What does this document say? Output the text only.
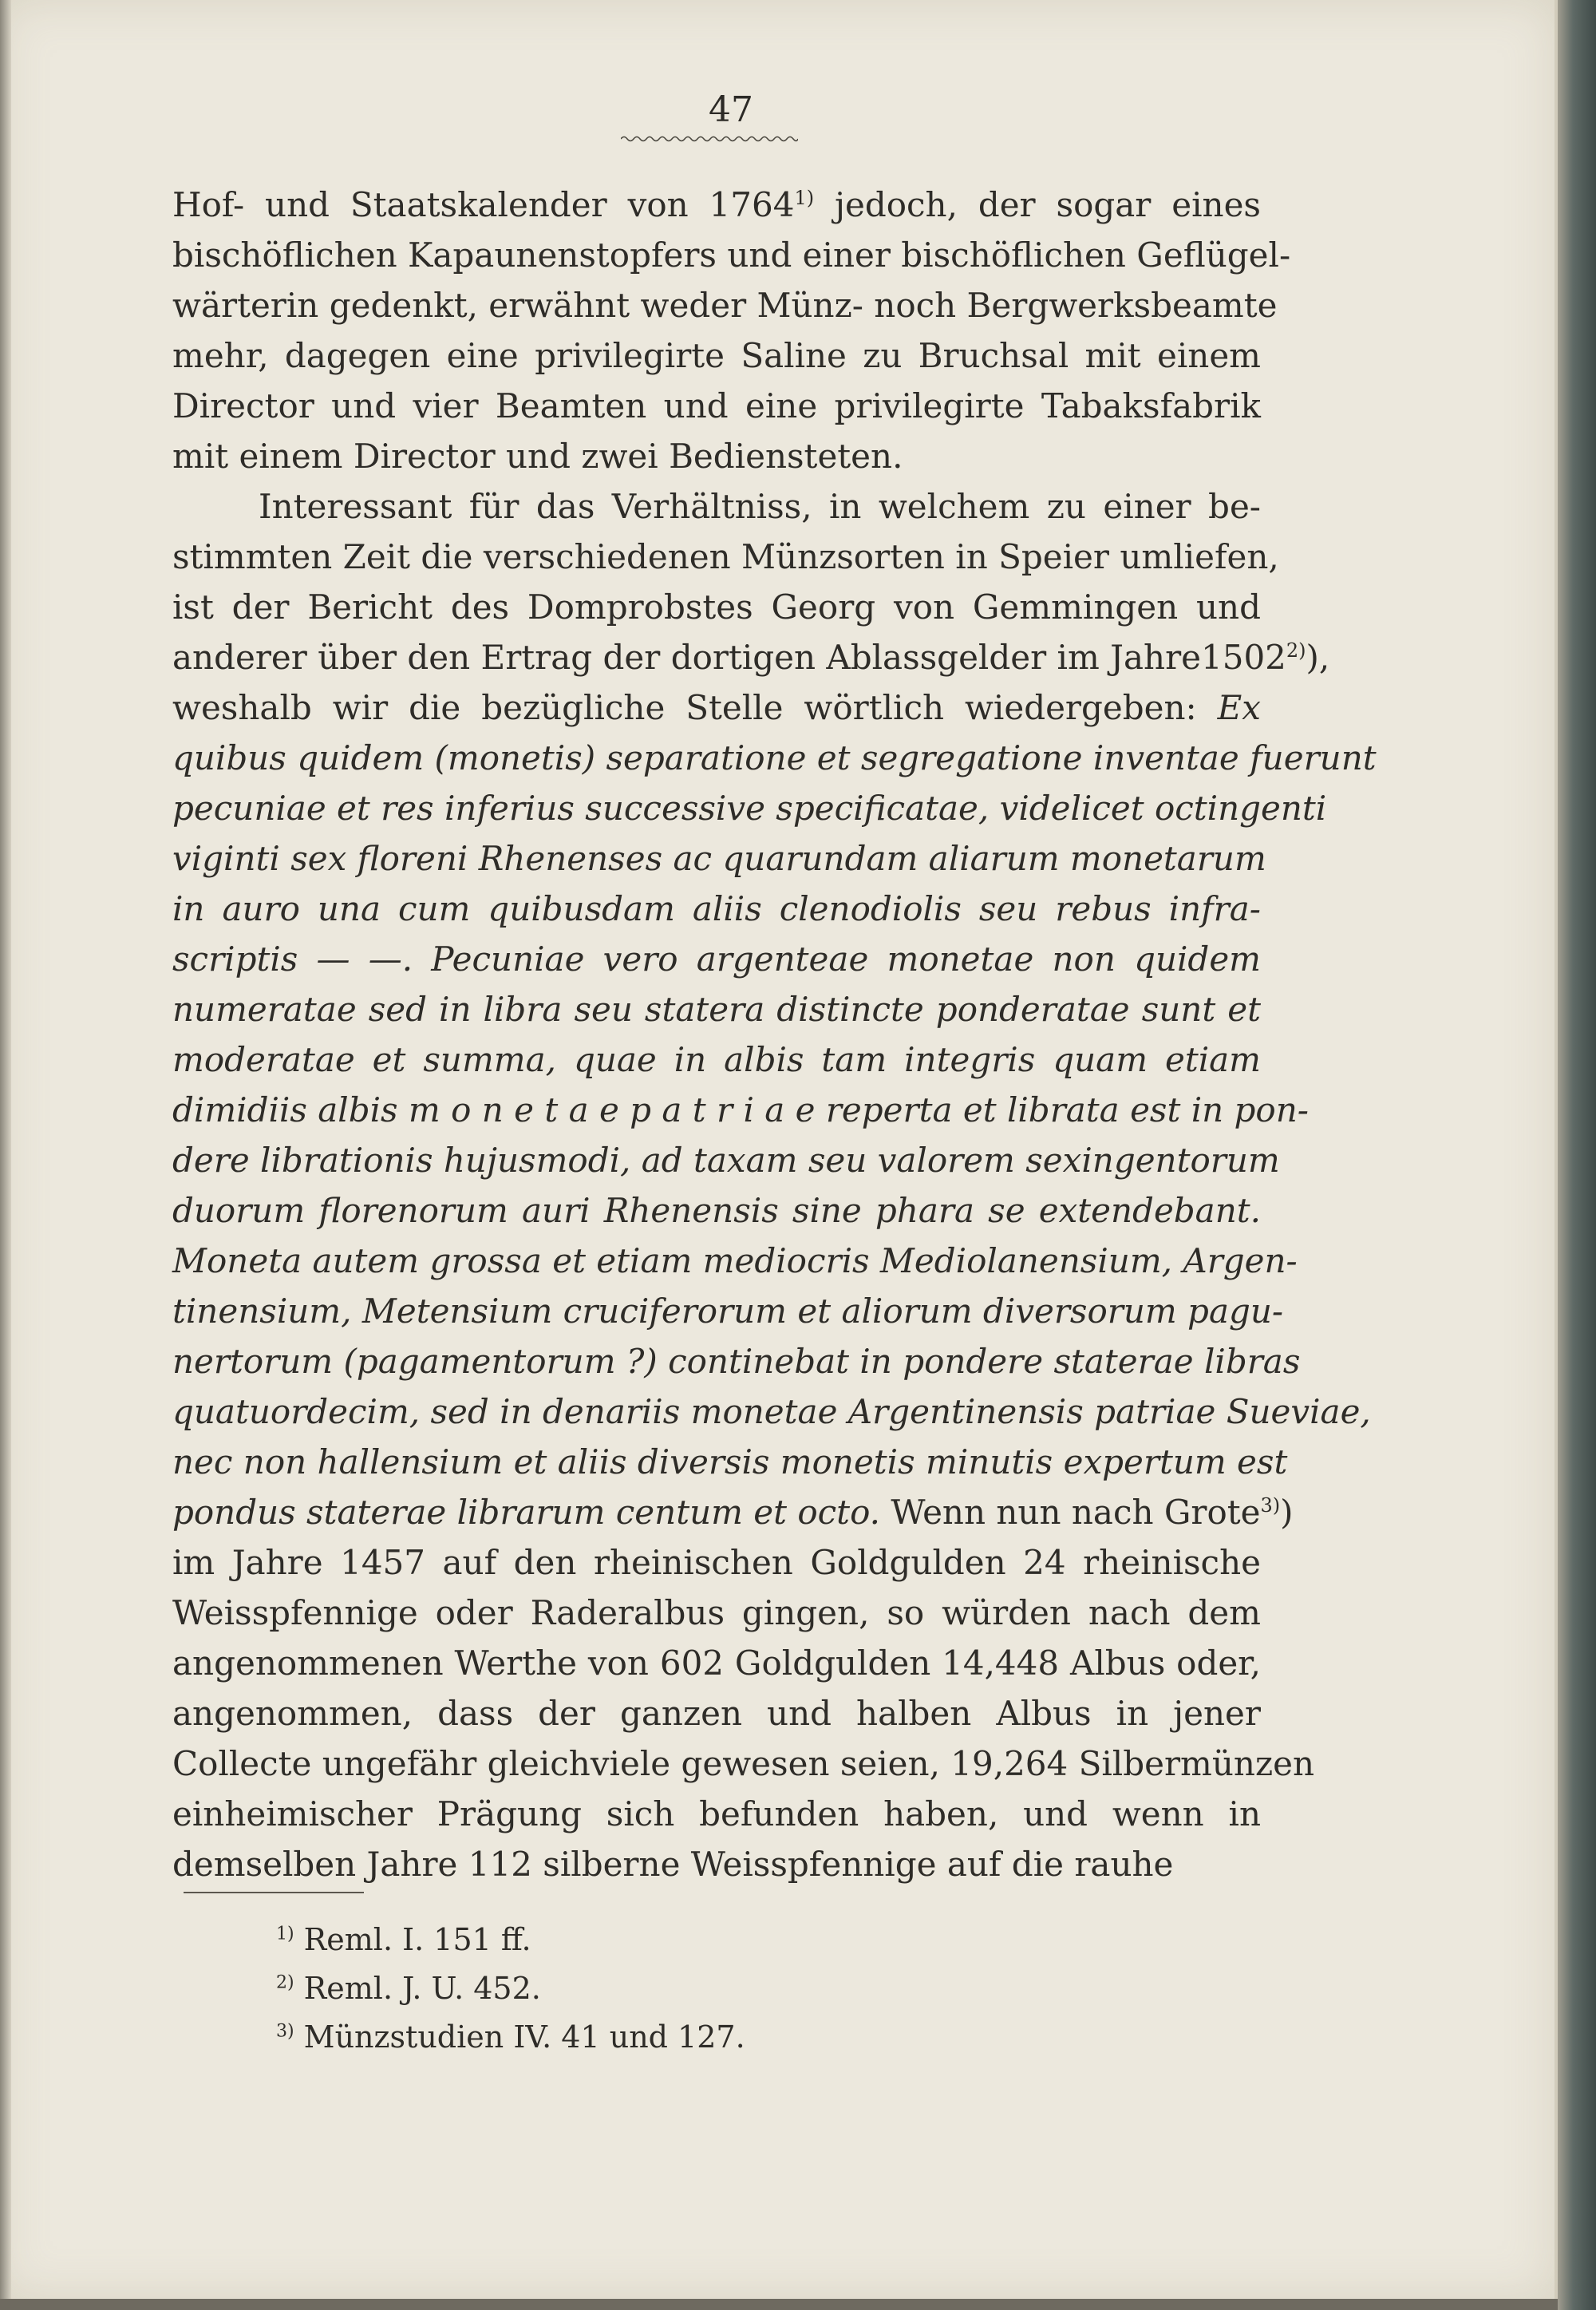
47
Hof- und Staatskalender von 1764$^{1)}$ jedoch, der sogar eines
bischöflichen Kapaunenstopfers und einer bischöflichen Geflügel-
wärterin gedenkt, erwähnt weder Münz- noch Bergwerksbeamte
mehr, dagegen eine privilegirte Saline zu Bruchsal mit einem
Director und vier Beamten und eine privilegirte Tabaksfabrik
mit einem Director und zwei Bediensteten.
Interessant für das Verhältniss, in welchem zu einer be-
stimmten Zeit die verschiedenen Münzsorten in Speier umliefen,
ist der Bericht des Domprobstes Georg von Gemmingen und
anderer über den Ertrag der dortigen Ablassgelder im Jahre1502$^{2)}$),
weshalb wir die bezügliche Stelle wörtlich wiedergeben: Ex
quibus quidem (monetis) separatione et segregatione inventae fuerunt
pecuniae et res inferius successive specificatae, videlicet octingenti
viginti sex floreni Rhenenses ac quarundam aliarum monetarum
in auro una cum quibusdam aliis clenodiolis seu rebus infra-
scriptis — —. Pecuniae vero argenteae monetae non quidem
numeratae sed in libra seu statera distincte ponderatae sunt et
moderatae et summa, quae in albis tam integris quam etiam
dimidiis albis m o n e t a e p a t r i a e reperta et librata est in pon-
dere librationis hujusmodi, ad taxam seu valorem sexingentorum
duorum florenorum auri Rhenensis sine phara se extendebant.
Moneta autem grossa et etiam mediocris Mediolanensium, Argen-
tinensium, Metensium cruciferorum et aliorum diversorum pagu-
nertorum (pagamentorum ?) continebat in pondere staterae libras
quatuordecim, sed in denariis monetae Argentinensis patriae Sueviae,
nec non hallensium et aliis diversis monetis minutis expertum est
pondus staterae librarum centum et octo. Wenn nun nach Grote$^{3)}$)
im Jahre 1457 auf den rheinischen Goldgulden 24 rheinische
Weisspfennige oder Raderalbus gingen, so würden nach dem
angenommenen Werthe von 602 Goldgulden 14,448 Albus oder,
angenommen, dass der ganzen und halben Albus in jener
Collecte ungefähr gleichviele gewesen seien, 19,264 Silbermünzen
einheimischer Prägung sich befunden haben, und wenn in
demselben Jahre 112 silberne Weisspfennige auf die rauhe
$^{1)}$ Reml. I. 151 ff.
$^{2)}$ Reml. J. U. 452.
$^{3)}$ Münzstudien IV. 41 und 127.
